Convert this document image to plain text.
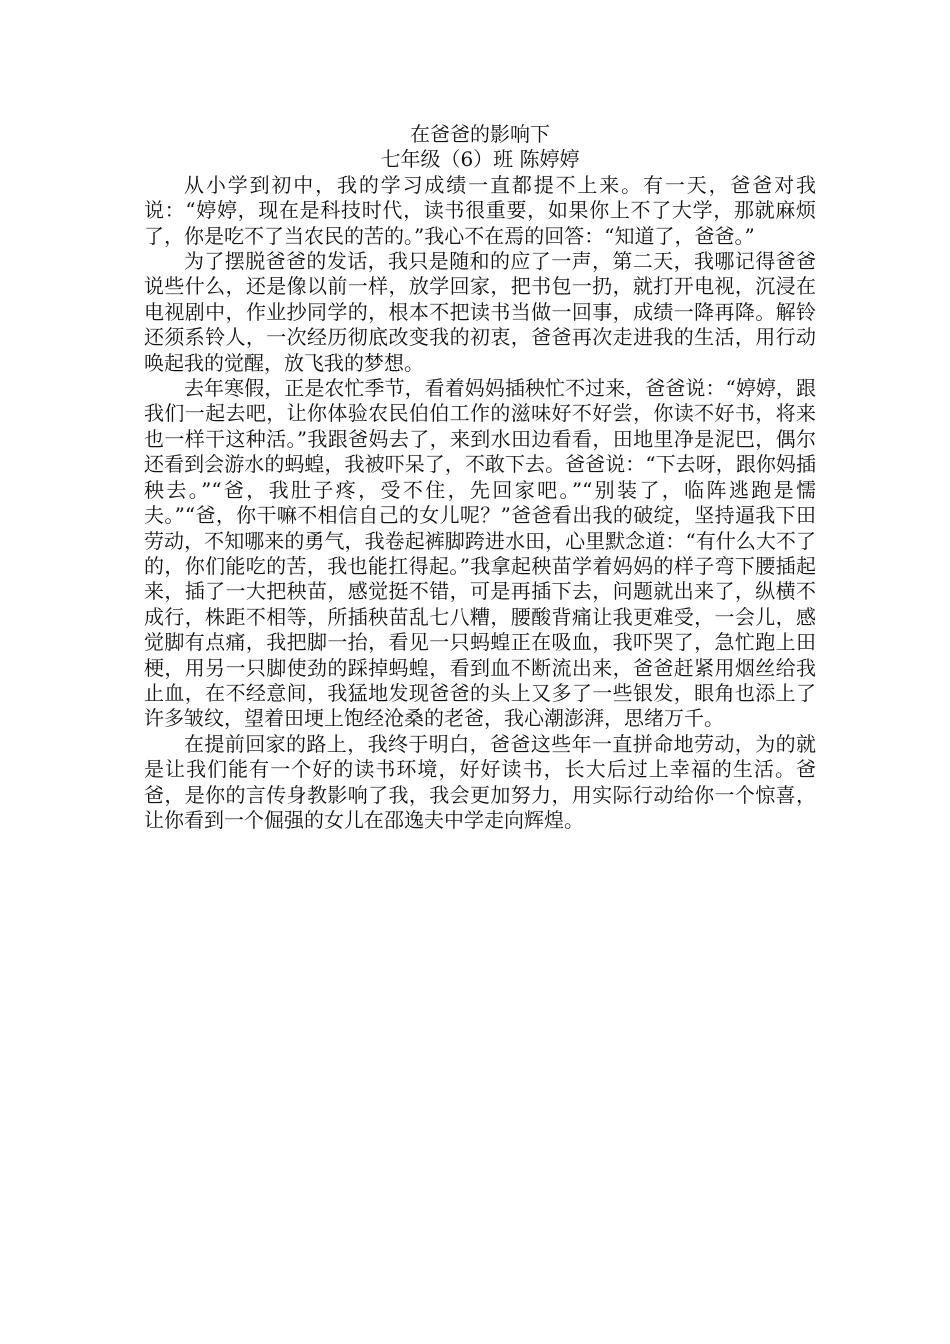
在爸爸的影响下

七年级（6）班 陈婷婷

从小学到初中，我的学习成绩一直都提不上来。有一天，爸爸对我说：“婷婷，现在是科技时代，读书很重要，如果你上不了大学，那就麻烦了，你是吃不了当农民的苦的。”我心不在焉的回答：“知道了，爸爸。”

为了摆脱爸爸的发话，我只是随和的应了一声，第二天，我哪记得爸爸说些什么，还是像以前一样，放学回家，把书包一扔，就打开电视，沉浸在电视剧中，作业抄同学的，根本不把读书当做一回事，成绩一降再降。解铃还须系铃人，一次经历彻底改变我的初衷，爸爸再次走进我的生活，用行动唤起我的觉醒，放飞我的梦想。

去年寒假，正是农忙季节，看着妈妈插秧忙不过来，爸爸说：“婷婷，跟我们一起去吧，让你体验农民伯伯工作的滋味好不好尝，你读不好书，将来也一样干这种活。”我跟爸妈去了，来到水田边看看，田地里净是泥巴，偶尔还看到会游水的蚂蝗，我被吓呆了，不敢下去。爸爸说：“下去呀，跟你妈插秧去。”“爸，我肚子疼，受不住，先回家吧。”“别装了，临阵逃跑是懦夫。”“爸，你干嘛不相信自己的女儿呢？”爸爸看出我的破绽，坚持逼我下田劳动，不知哪来的勇气，我卷起裤脚跨进水田，心里默念道：“有什么大不了的，你们能吃的苦，我也能扛得起。”我拿起秧苗学着妈妈的样子弯下腰插起来，插了一大把秧苗，感觉挺不错，可是再插下去，问题就出来了，纵横不成行，株距不相等，所插秧苗乱七八糟，腰酸背痛让我更难受，一会儿，感觉脚有点痛，我把脚一抬，看见一只蚂蝗正在吸血，我吓哭了，急忙跑上田梗，用另一只脚使劲的踩掉蚂蝗，看到血不断流出来，爸爸赶紧用烟丝给我止血，在不经意间，我猛地发现爸爸的头上又多了一些银发，眼角也添上了许多皱纹，望着田埂上饱经沧桑的老爸，我心潮澎湃，思绪万千。

在提前回家的路上，我终于明白，爸爸这些年一直拼命地劳动，为的就是让我们能有一个好的读书环境，好好读书，长大后过上幸福的生活。爸爸，是你的言传身教影响了我，我会更加努力，用实际行动给你一个惊喜，让你看到一个倔强的女儿在邵逸夫中学走向辉煌。
